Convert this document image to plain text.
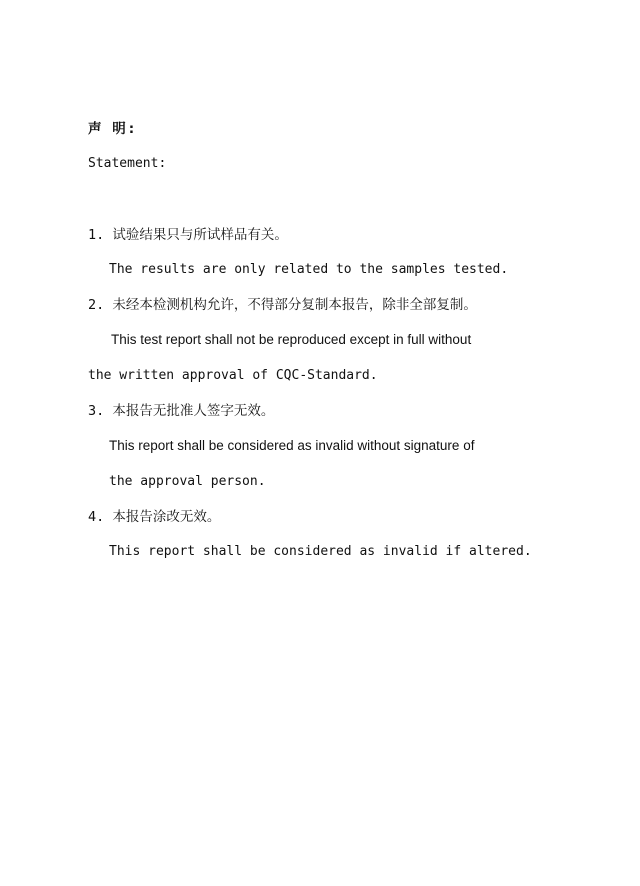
声 明:
Statement:
1. 试验结果只与所试样品有关。
The results are only related to the samples tested.
2. 未经本检测机构允许，不得部分复制本报告，除非全部复制。
This test report shall not be reproduced except in full without
the written approval of CQC-Standard.
3. 本报告无批准人签字无效。
This report shall be considered as invalid without signature of
the approval person.
4. 本报告涂改无效。
This report shall be considered as invalid if altered.
